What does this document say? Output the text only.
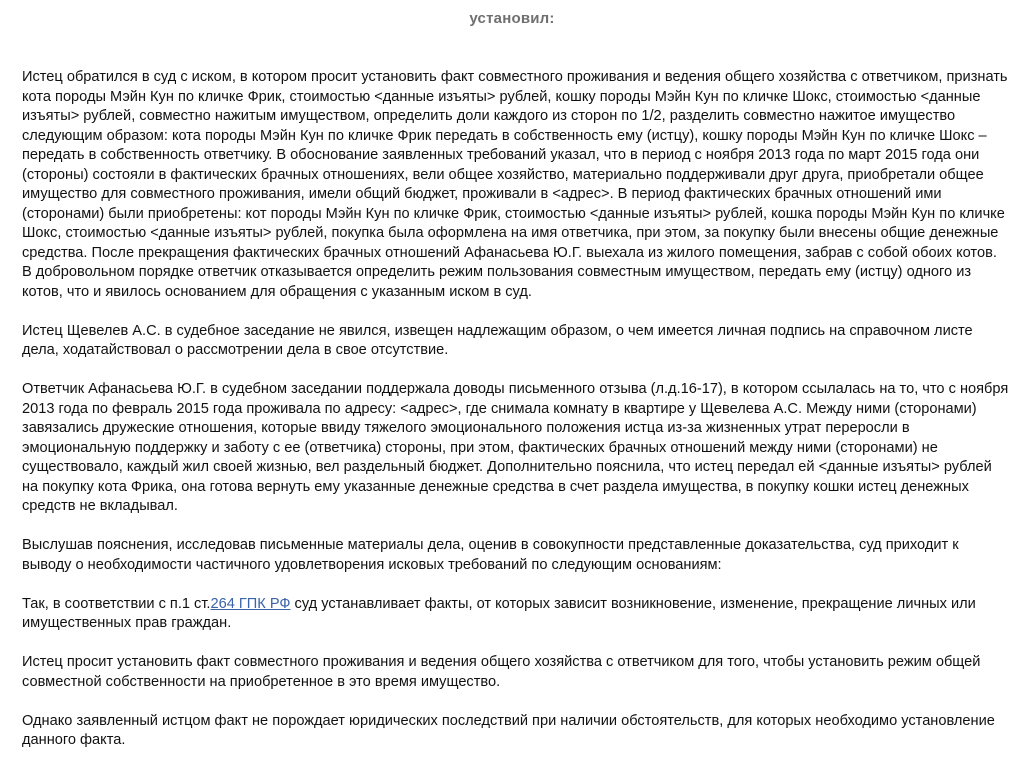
установил:

Истец обратился в суд с иском, в котором просит установить факт совместного проживания и ведения общего хозяйства с ответчиком, признать кота породы Мэйн Кун по кличке Фрик, стоимостью <данные изъяты> рублей, кошку породы Мэйн Кун по кличке Шокс, стоимостью <данные изъяты> рублей, совместно нажитым имуществом, определить доли каждого из сторон по 1/2, разделить совместно нажитое имущество следующим образом: кота породы Мэйн Кун по кличке Фрик передать в собственность ему (истцу), кошку породы Мэйн Кун по кличке Шокс – передать в собственность ответчику. В обоснование заявленных требований указал, что в период с ноября 2013 года по март 2015 года они (стороны) состояли в фактических брачных отношениях, вели общее хозяйство, материально поддерживали друг друга, приобретали общее имущество для совместного проживания, имели общий бюджет, проживали в <адрес>. В период фактических брачных отношений ими (сторонами) были приобретены: кот породы Мэйн Кун по кличке Фрик, стоимостью <данные изъяты> рублей, кошка породы Мэйн Кун по кличке Шокс, стоимостью <данные изъяты> рублей, покупка была оформлена на имя ответчика, при этом, за покупку были внесены общие денежные средства. После прекращения фактических брачных отношений Афанасьева Ю.Г. выехала из жилого помещения, забрав с собой обоих котов. В добровольном порядке ответчик отказывается определить режим пользования совместным имуществом, передать ему (истцу) одного из котов, что и явилось основанием для обращения с указанным иском в суд.

Истец Щевелев А.С. в судебное заседание не явился, извещен надлежащим образом, о чем имеется личная подпись на справочном листе дела, ходатайствовал о рассмотрении дела в свое отсутствие.

Ответчик Афанасьева Ю.Г. в судебном заседании поддержала доводы письменного отзыва (л.д.16-17), в котором ссылалась на то, что с ноября 2013 года по февраль 2015 года проживала по адресу: <адрес>, где снимала комнату в квартире у Щевелева А.С. Между ними (сторонами) завязались дружеские отношения, которые ввиду тяжелого эмоционального положения истца из-за жизненных утрат переросли в эмоциональную поддержку и заботу с ее (ответчика) стороны, при этом, фактических брачных отношений между ними (сторонами) не существовало, каждый жил своей жизнью, вел раздельный бюджет. Дополнительно пояснила, что истец передал ей <данные изъяты> рублей на покупку кота Фрика, она готова вернуть ему указанные денежные средства в счет раздела имущества, в покупку кошки истец денежных средств не вкладывал.

Выслушав пояснения, исследовав письменные материалы дела, оценив в совокупности представленные доказательства, суд приходит к выводу о необходимости частичного удовлетворения исковых требований по следующим основаниям:

Так, в соответствии с п.1 ст.264 ГПК РФ суд устанавливает факты, от которых зависит возникновение, изменение, прекращение личных или имущественных прав граждан.

Истец просит установить факт совместного проживания и ведения общего хозяйства с ответчиком для того, чтобы установить режим общей совместной собственности на приобретенное в это время имущество.

Однако заявленный истцом факт не порождает юридических последствий при наличии обстоятельств, для которых необходимо установление данного факта.
